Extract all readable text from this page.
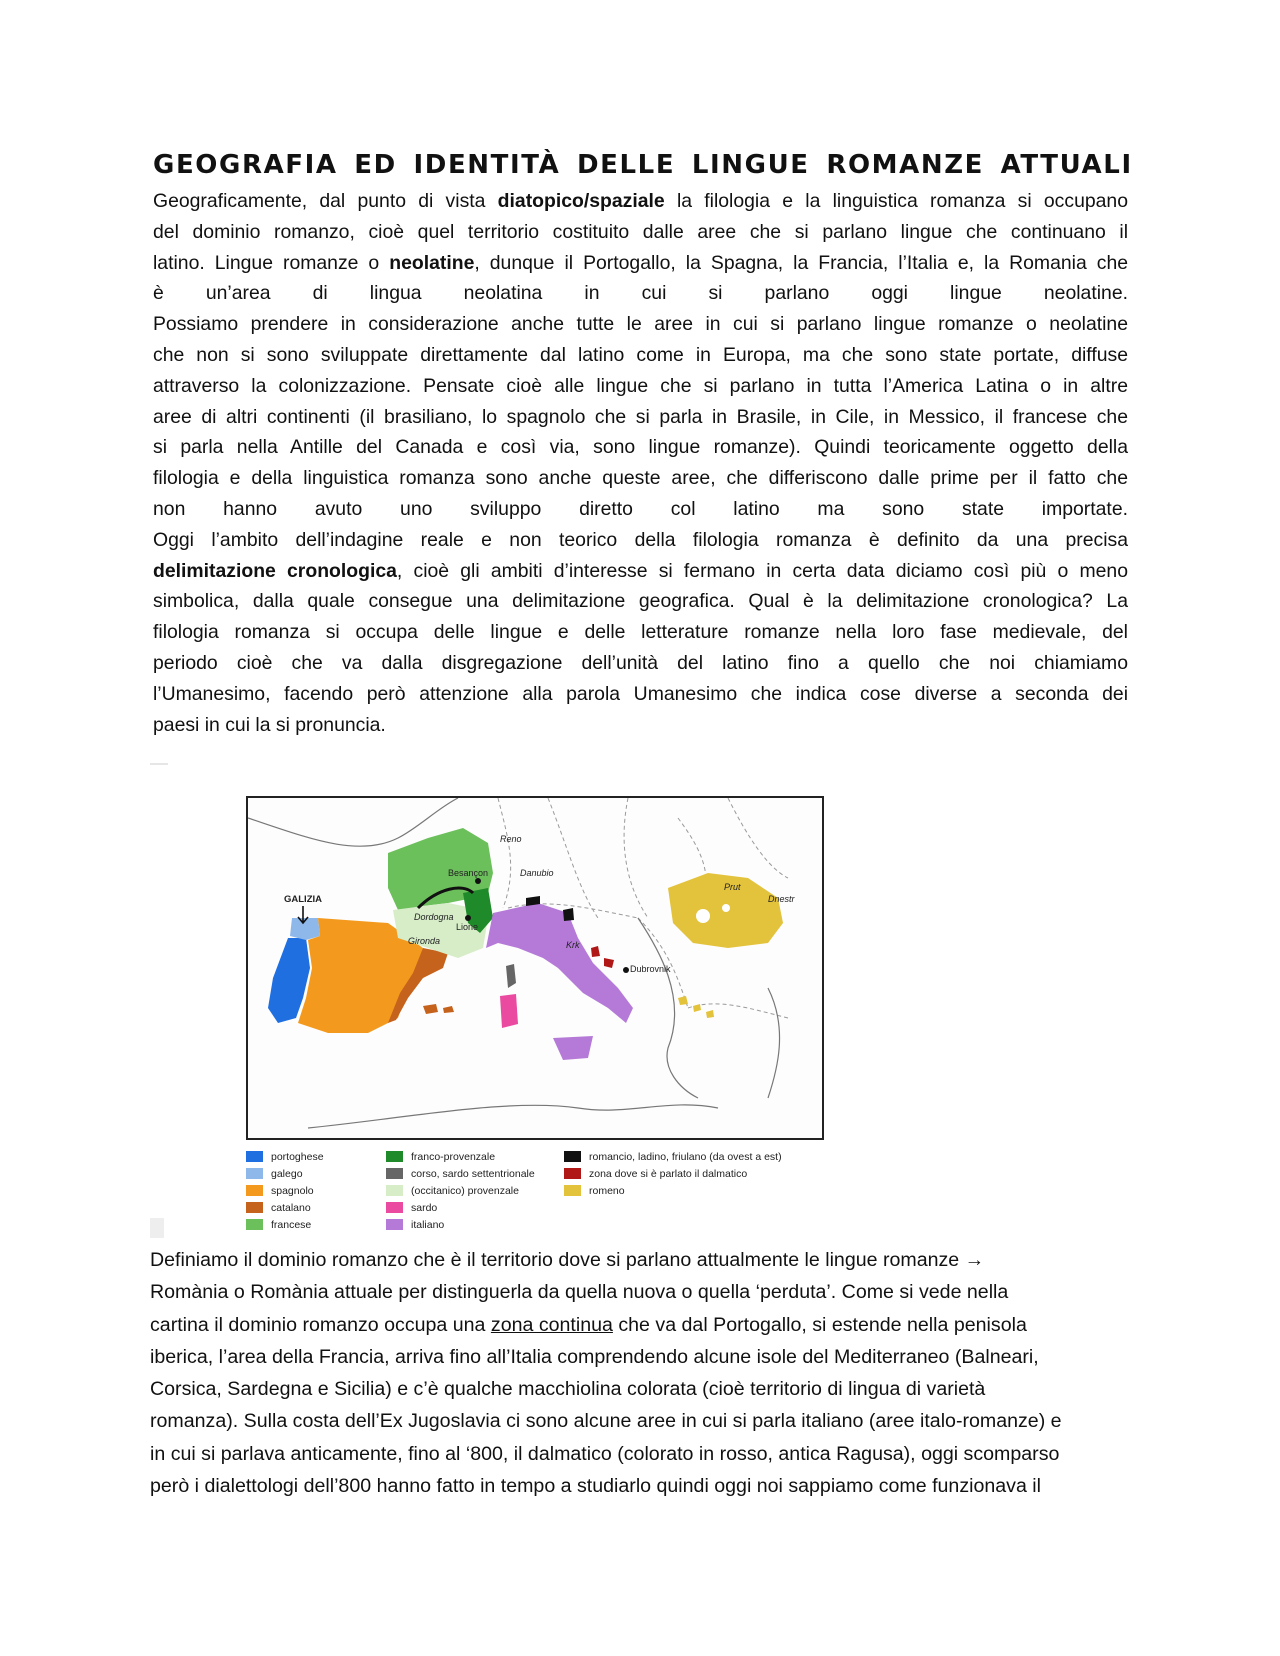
GEOGRAFIA ED IDENTITÀ DELLE LINGUE ROMANZE ATTUALI
Geograficamente, dal punto di vista diatopico/spaziale la filologia e la linguistica romanza si occupano
del dominio romanzo, cioè quel territorio costituito dalle aree che si parlano lingue che continuano il
latino. Lingue romanze o neolatine, dunque il Portogallo, la Spagna, la Francia, l’Italia e, la Romania che
è un’area di lingua neolatina in cui si parlano oggi lingue neolatine.
Possiamo prendere in considerazione anche tutte le aree in cui si parlano lingue romanze o neolatine
che non si sono sviluppate direttamente dal latino come in Europa, ma che sono state portate, diffuse
attraverso la colonizzazione. Pensate cioè alle lingue che si parlano in tutta l’America Latina o in altre
aree di altri continenti (il brasiliano, lo spagnolo che si parla in Brasile, in Cile, in Messico, il francese che
si parla nella Antille del Canada e così via, sono lingue romanze). Quindi teoricamente oggetto della
filologia e della linguistica romanza sono anche queste aree, che differiscono dalle prime per il fatto che
non hanno avuto uno sviluppo diretto col latino ma sono state importate.
Oggi l’ambito dell’indagine reale e non teorico della filologia romanza è definito da una precisa
delimitazione cronologica, cioè gli ambiti d’interesse si fermano in certa data diciamo così più o meno
simbolica, dalla quale consegue una delimitazione geografica. Qual è la delimitazione cronologica? La
filologia romanza si occupa delle lingue e delle letterature romanze nella loro fase medievale, del
periodo cioè che va dalla disgregazione dell’unità del latino fino a quello che noi chiamiamo
l’Umanesimo, facendo però attenzione alla parola Umanesimo che indica cose diverse a seconda dei
paesi in cui la si pronuncia.
GALIZIA
Besançon
Lione
Dordogna
Gironda
Reno
Danubio
Prut
Dnestr
Krk
Dubrovnik
portoghese
galego
spagnolo
catalano
francese
franco-provenzale
corso, sardo settentrionale
(occitanico) provenzale
sardo
italiano
romancio, ladino, friulano (da ovest a est)
zona dove si è parlato il dalmatico
romeno
Definiamo il dominio romanzo che è il territorio dove si parlano attualmente le lingue romanze →
Romània o Romània attuale per distinguerla da quella nuova o quella ‘perduta’. Come si vede nella
cartina il dominio romanzo occupa una zona continua che va dal Portogallo, si estende nella penisola
iberica, l’area della Francia, arriva fino all’Italia comprendendo alcune isole del Mediterraneo (Balneari,
Corsica, Sardegna e Sicilia) e c’è qualche macchiolina colorata (cioè territorio di lingua di varietà
romanza). Sulla costa dell’Ex Jugoslavia ci sono alcune aree in cui si parla italiano (aree italo-romanze) e
in cui si parlava anticamente, fino al ‘800, il dalmatico (colorato in rosso, antica Ragusa), oggi scomparso
però i dialettologi dell’800 hanno fatto in tempo a studiarlo quindi oggi noi sappiamo come funzionava il
